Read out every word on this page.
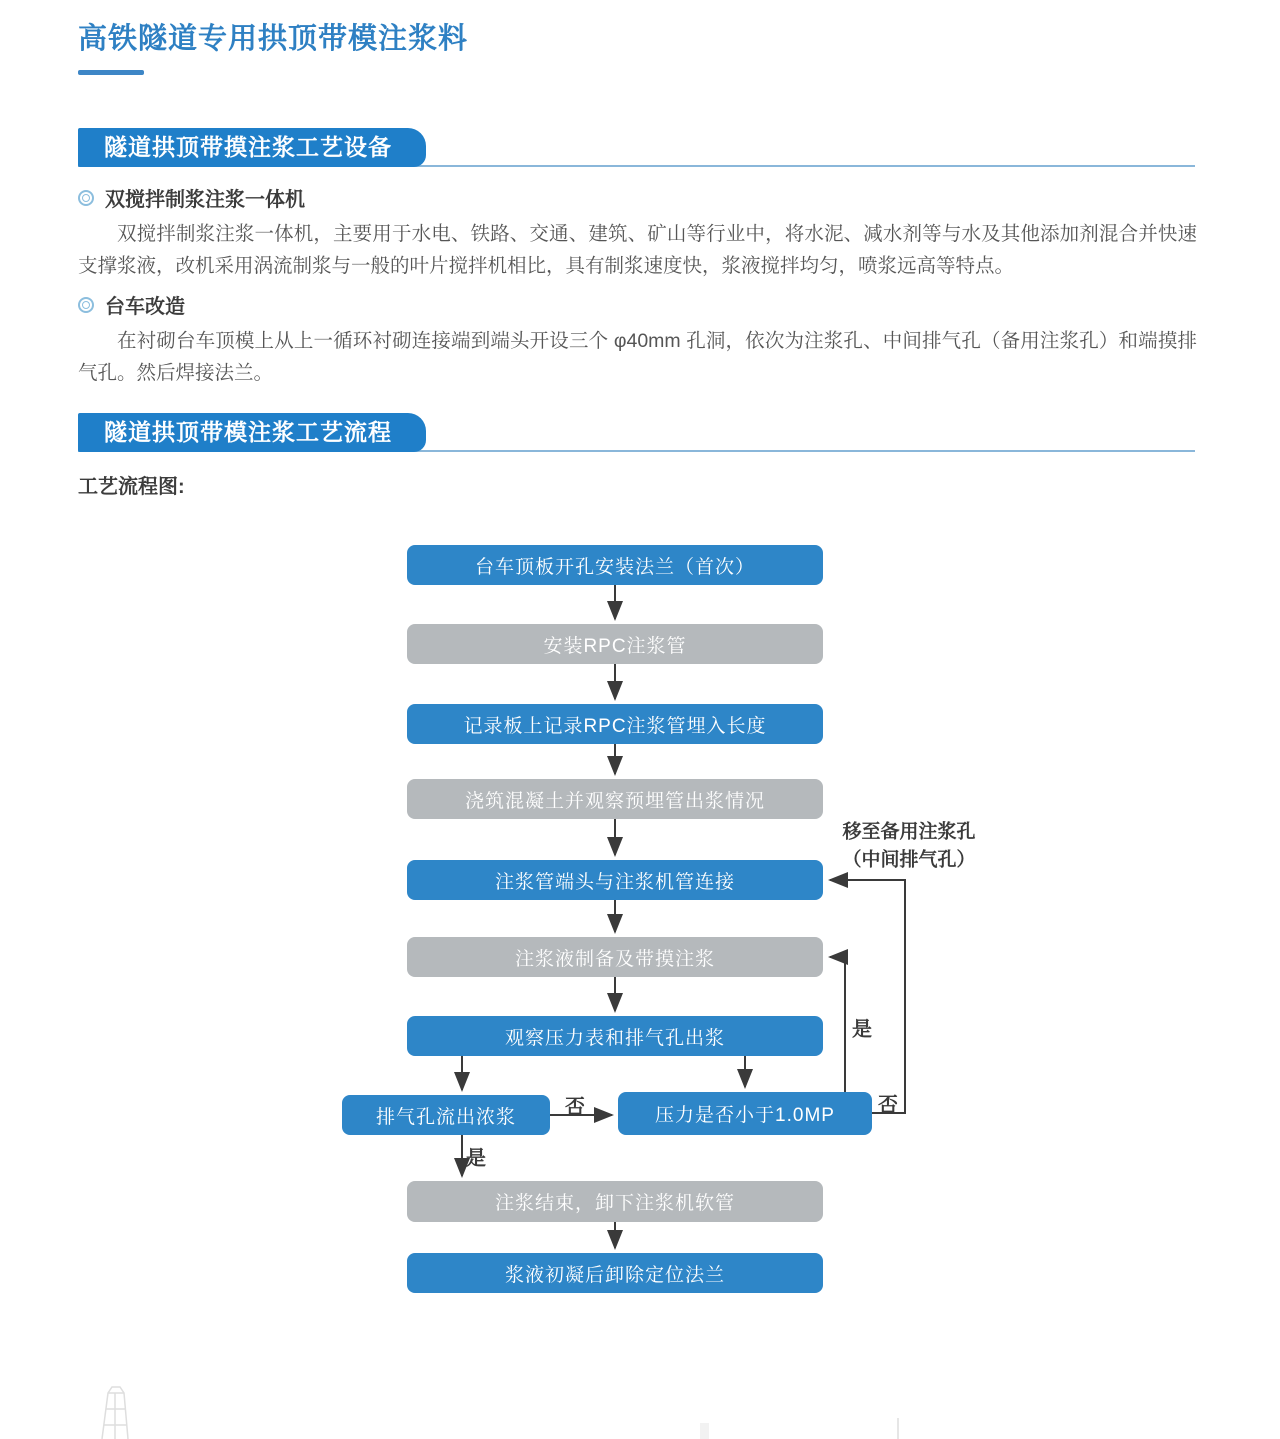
高铁隧道专用拱顶带模注浆料
隧道拱顶带摸注浆工艺设备
双搅拌制浆注浆一体机

双搅拌制浆注浆一体机，主要用于水电、铁路、交通、建筑、矿山等行业中，将水泥、减水剂等与水及其他添加剂混合并快速支撑浆液，改机采用涡流制浆与一般的叶片搅拌机相比，具有制浆速度快，浆液搅拌均匀，喷浆远高等特点。

台车改造

在衬砌台车顶模上从上一循环衬砌连接端到端头开设三个 φ40mm 孔洞，依次为注浆孔、中间排气孔（备用注浆孔）和端摸排气孔。然后焊接法兰。

隧道拱顶带模注浆工艺流程
工艺流程图:
台车顶板开孔安装法兰（首次）
安装RPC注浆管
记录板上记录RPC注浆管埋入长度
浇筑混凝土并观察预埋管出浆情况
注浆管端头与注浆机管连接
注浆液制备及带摸注浆
观察压力表和排气孔出浆
排气孔流出浓浆	压力是否小于1.0MP
注浆结束，卸下注浆机软管
浆液初凝后卸除定位法兰
否
是
是
否
移至备用注浆孔
（中间排气孔）
